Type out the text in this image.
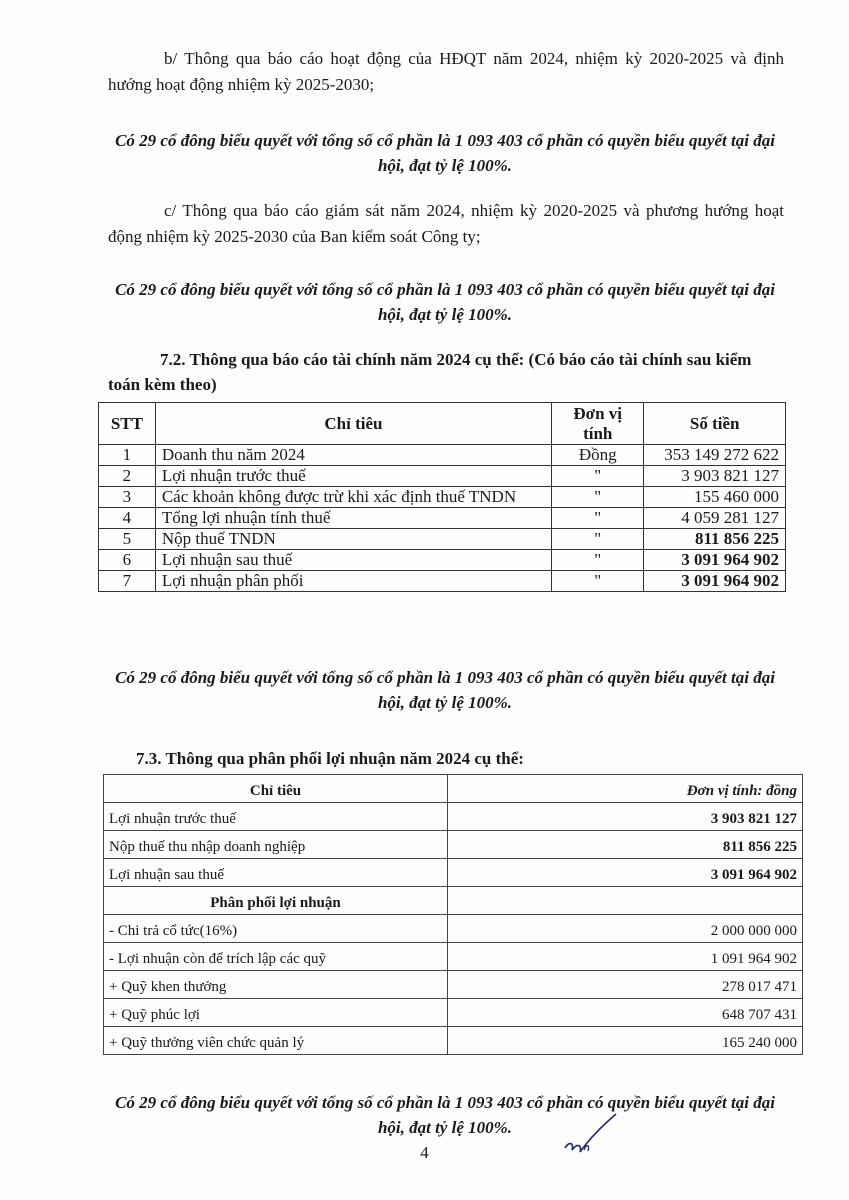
b/ Thông qua báo cáo hoạt động của HĐQT năm 2024, nhiệm kỳ 2020-2025 và định hướng hoạt động nhiệm kỳ 2025-2030;
Có 29 cổ đông biểu quyết với tổng số cổ phần là 1 093 403 cổ phần có quyền biểu quyết tại đại hội, đạt tỷ lệ 100%.
c/ Thông qua báo cáo giám sát năm 2024, nhiệm kỳ 2020-2025 và phương hướng hoạt động nhiệm kỳ 2025-2030 của Ban kiểm soát Công ty;
Có 29 cổ đông biểu quyết với tổng số cổ phần là 1 093 403 cổ phần có quyền biểu quyết tại đại hội, đạt tỷ lệ 100%.
7.2. Thông qua báo cáo tài chính năm 2024 cụ thể: (Có báo cáo tài chính sau kiểm toán kèm theo)
STT	Chỉ tiêu	Đơn vị tính	Số tiền
1	Doanh thu năm 2024	Đồng	353 149 272 622
2	Lợi nhuận trước thuế	"	3 903 821 127
3	Các khoản không được trừ khi xác định thuế TNDN	"	155 460 000
4	Tổng lợi nhuận tính thuế	"	4 059 281 127
5	Nộp thuế TNDN	"	811 856 225
6	Lợi nhuận sau thuế	"	3 091 964 902
7	Lợi nhuận phân phối	"	3 091 964 902
Có 29 cổ đông biểu quyết với tổng số cổ phần là 1 093 403 cổ phần có quyền biểu quyết tại đại hội, đạt tỷ lệ 100%.
7.3. Thông qua phân phối lợi nhuận năm 2024 cụ thể:
Chỉ tiêu	Đơn vị tính: đồng
Lợi nhuận trước thuế	3 903 821 127
Nộp thuế thu nhập doanh nghiệp	811 856 225
Lợi nhuận sau thuế	3 091 964 902
Phân phối lợi nhuận	
- Chi trả cổ tức(16%)	2 000 000 000
- Lợi nhuận còn để trích lập các quỹ	1 091 964 902
+ Quỹ khen thưởng	278 017 471
+ Quỹ phúc lợi	648 707 431
+ Quỹ thưởng viên chức quản lý	165 240 000
Có 29 cổ đông biểu quyết với tổng số cổ phần là 1 093 403 cổ phần có quyền biểu quyết tại đại hội, đạt tỷ lệ 100%.
4
